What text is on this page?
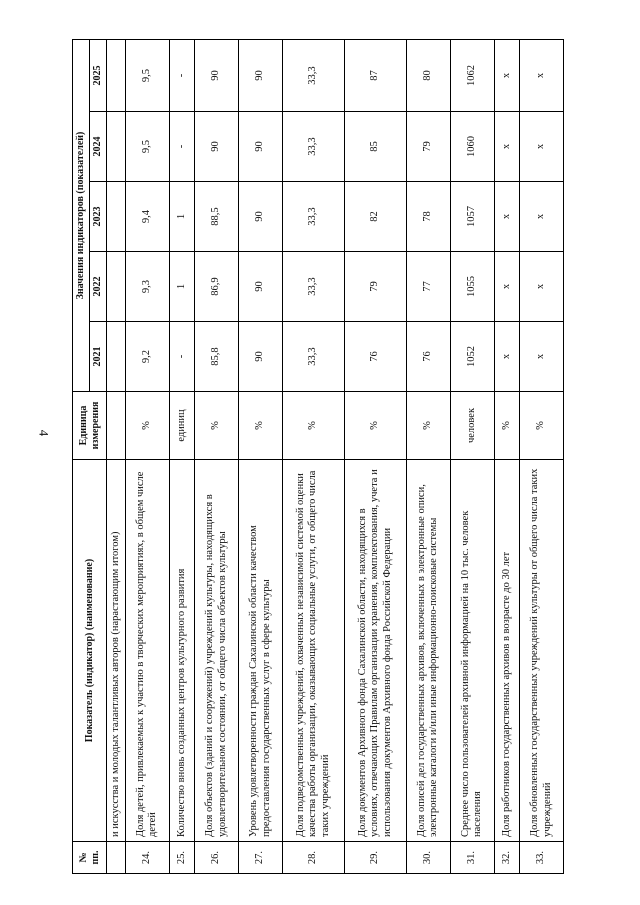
4
№ пп.	Показатель (индикатор) (наименование)	Единица измерения	Значения индикаторов (показателей)				
			2021	2022	2023	2024	2025
	и искусства и молодых талантливых авторов (нарастающим итогом)						
24.	Доля детей, привлекаемых к участию в творческих мероприятиях, в общем числе детей	%	9,2	9,3	9,4	9,5	9,5
25.	Количество вновь созданных центров культурного развития	единиц	-	1	1	-	-
26.	Доля объектов (зданий и сооружений) учреждений культуры, находящихся в удовлетворительном состоянии, от общего числа объектов культуры	%	85,8	86,9	88,5	90	90
27.	Уровень удовлетворенности граждан Сахалинской области качеством предоставления государственных услуг в сфере культуры	%	90	90	90	90	90
28.	Доля подведомственных учреждений, охваченных независимой системой оценки качества работы организации, оказывающих социальные услуги, от общего числа таких учреждений	%	33,3	33,3	33,3	33,3	33,3
29.	Доля документов Архивного фонда Сахалинской области, находящихся в условиях, отвечающих Правилам организации хранения, комплектования, учета и использования документов Архивного фонда Российской Федерации	%	76	79	82	85	87
30.	Доля описей дел государственных архивов, включенных в электронные описи, электронные каталоги и/или иные информационно-поисковые системы	%	76	77	78	79	80
31.	Среднее число пользователей архивной информацией на 10 тыс. человек населения	человек	1052	1055	1057	1060	1062
32.	Доля работников государственных архивов в возрасте до 30 лет	%	х	х	х	х	х
33.	Доля обновленных государственных учреждений культуры от общего числа таких учреждений	%	х	х	х	х	х
